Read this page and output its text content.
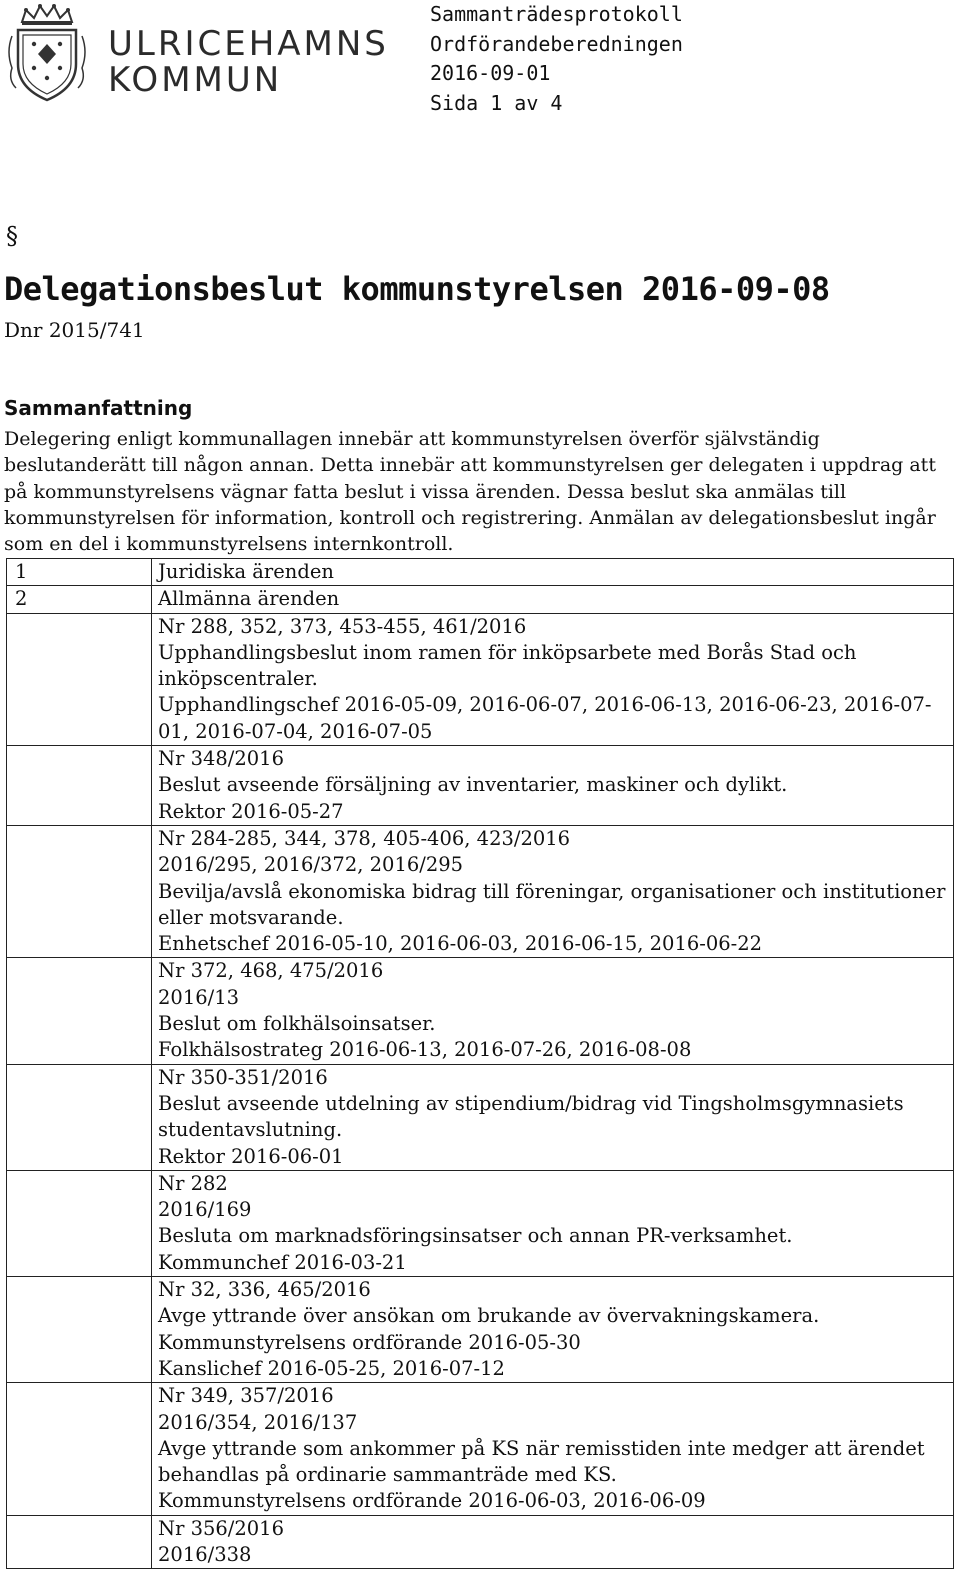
ULRICEHAMNS
KOMMUN
Sammanträdesprotokoll
Ordförandeberedningen
2016-09-01
Sida 1 av 4
§
Delegationsbeslut kommunstyrelsen 2016-09-08
Dnr 2015/741
Sammanfattning

Delegering enligt kommunallagen innebär att kommunstyrelsen överför självständig beslutanderätt till någon annan. Detta innebär att kommunstyrelsen ger delegaten i uppdrag att på kommunstyrelsens vägnar fatta beslut i vissa ärenden. Dessa beslut ska anmälas till kommunstyrelsen för information, kontroll och registrering. Anmälan av delegationsbeslut ingår som en del i kommunstyrelsens internkontroll.

1	Juridiska ärenden
2	Allmänna ärenden

	Nr 288, 352, 373, 453-455, 461/2016
Upphandlingsbeslut inom ramen för inköpsarbete med Borås Stad och inköpscentraler.
Upphandlingschef 2016-05-09, 2016-06-07, 2016-06-13, 2016-06-23, 2016-07-01, 2016-07-04, 2016-07-05

	Nr 348/2016
Beslut avseende försäljning av inventarier, maskiner och dylikt.
Rektor 2016-05-27

	Nr 284-285, 344, 378, 405-406, 423/2016
2016/295, 2016/372, 2016/295
Bevilja/avslå ekonomiska bidrag till föreningar, organisationer och institutioner eller motsvarande.
Enhetschef 2016-05-10, 2016-06-03, 2016-06-15, 2016-06-22

	Nr 372, 468, 475/2016
2016/13
Beslut om folkhälsoinsatser.
Folkhälsostrateg 2016-06-13, 2016-07-26, 2016-08-08

	Nr 350-351/2016
Beslut avseende utdelning av stipendium/bidrag vid Tingsholmsgymnasiets studentavslutning.
Rektor 2016-06-01

	Nr 282
2016/169
Besluta om marknadsföringsinsatser och annan PR-verksamhet.
Kommunchef 2016-03-21

	Nr 32, 336, 465/2016
Avge yttrande över ansökan om brukande av övervakningskamera.
Kommunstyrelsens ordförande 2016-05-30
Kanslichef 2016-05-25, 2016-07-12

	Nr 349, 357/2016
2016/354, 2016/137
Avge yttrande som ankommer på KS när remisstiden inte medger att ärendet behandlas på ordinarie sammanträde med KS.
Kommunstyrelsens ordförande 2016-06-03, 2016-06-09

	Nr 356/2016
2016/338
